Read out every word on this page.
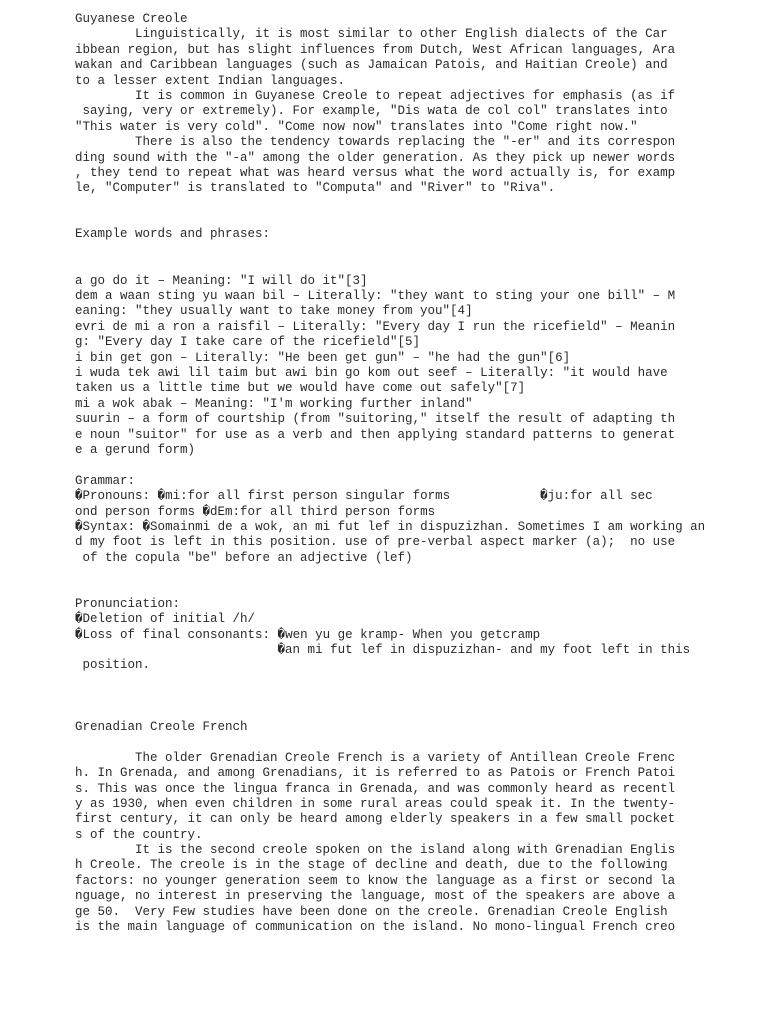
Guyanese Creole
Linguistically, it is most similar to other English dialects of the Car
ibbean region, but has slight influences from Dutch, West African languages, Ara
wakan and Caribbean languages (such as Jamaican Patois, and Haitian Creole) and
to a lesser extent Indian languages.
It is common in Guyanese Creole to repeat adjectives for emphasis (as if
saying, very or extremely). For example, "Dis wata de col col" translates into
"This water is very cold". "Come now now" translates into "Come right now."
There is also the tendency towards replacing the "-er" and its correspon
ding sound with the "-a" among the older generation. As they pick up newer words
, they tend to repeat what was heard versus what the word actually is, for examp
le, "Computer" is translated to "Computa" and "River" to "Riva".
Example words and phrases:
a go do it – Meaning: "I will do it"[3]
dem a waan sting yu waan bil – Literally: "they want to sting your one bill" – M
eaning: "they usually want to take money from you"[4]
evri de mi a ron a raisfil – Literally: "Every day I run the ricefield" – Meanin
g: "Every day I take care of the ricefield"[5]
i bin get gon – Literally: "He been get gun" – "he had the gun"[6]
i wuda tek awi lil taim but awi bin go kom out seef – Literally: "it would have
taken us a little time but we would have come out safely"[7]
mi a wok abak – Meaning: "I'm working further inland"
suurin – a form of courtship (from "suitoring," itself the result of adapting th
e noun "suitor" for use as a verb and then applying standard patterns to generat
e a gerund form)
Grammar:
�Pronouns: �mi:for all first person singular forms            �ju:for all sec
ond person forms �dEm:for all third person forms
�Syntax: �Somainmi de a wok, an mi fut lef in dispuzizhan. Sometimes I am working an
d my foot is left in this position. use of pre-verbal aspect marker (a);  no use
of the copula "be" before an adjective (lef)
Pronunciation:
�Deletion of initial /h/
�Loss of final consonants: �wen yu ge kramp- When you getcramp
�an mi fut lef in dispuzizhan- and my foot left in this
position.
Grenadian Creole French
The older Grenadian Creole French is a variety of Antillean Creole Frenc
h. In Grenada, and among Grenadians, it is referred to as Patois or French Patoi
s. This was once the lingua franca in Grenada, and was commonly heard as recentl
y as 1930, when even children in some rural areas could speak it. In the twenty-
first century, it can only be heard among elderly speakers in a few small pocket
s of the country.
It is the second creole spoken on the island along with Grenadian Englis
h Creole. The creole is in the stage of decline and death, due to the following
factors: no younger generation seem to know the language as a first or second la
nguage, no interest in preserving the language, most of the speakers are above a
ge 50.  Very Few studies have been done on the creole. Grenadian Creole English
is the main language of communication on the island. No mono-lingual French creo
